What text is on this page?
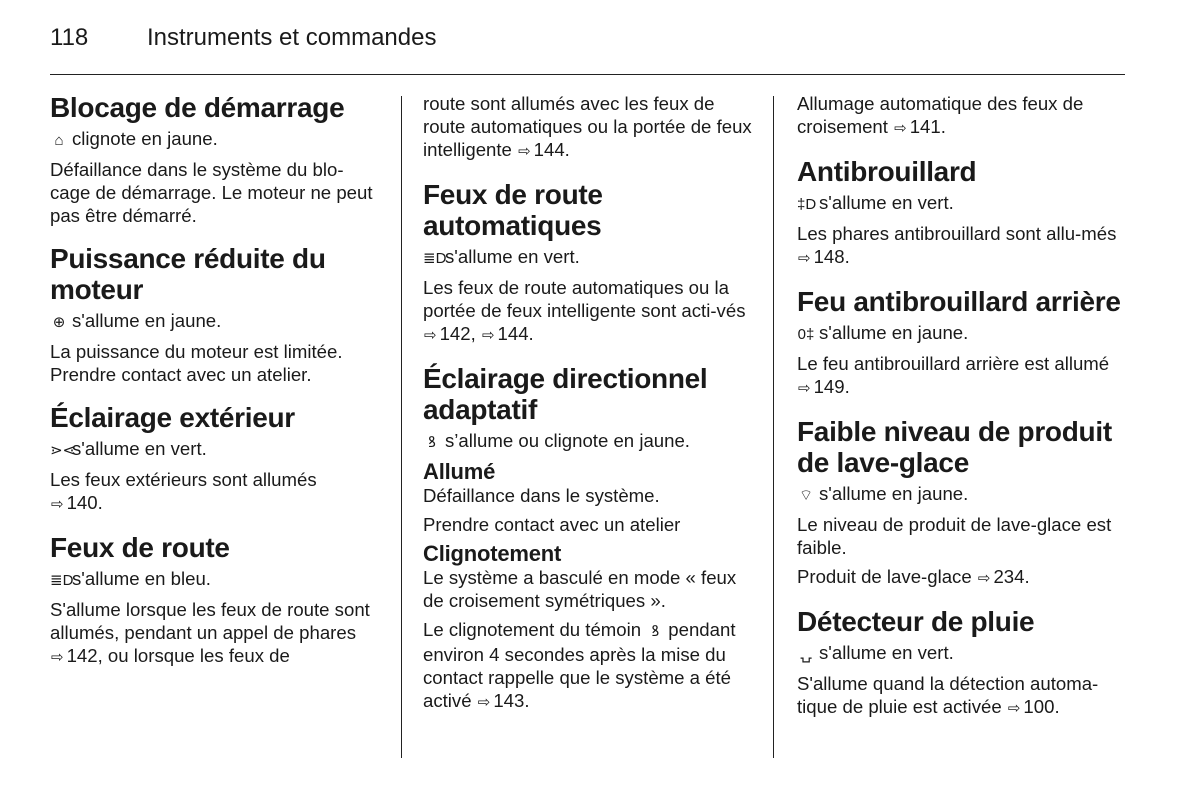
118	Instruments et commandes
Blocage de démarrage

⌂ clignote en jaune.

Défaillance dans le système du blo-cage de démarrage. Le moteur ne peut pas être démarré.

Puissance réduite du moteur

⊕ s'allume en jaune.

La puissance du moteur est limitée. Prendre contact avec un atelier.

Éclairage extérieur

⋗⋖s'allume en vert.

Les feux extérieurs sont allumés
⇨ 140.

Feux de route

≣Ds'allume en bleu.

S'allume lorsque les feux de route sont allumés, pendant un appel de phares ⇨ 142, ou lorsque les feux de

route sont allumés avec les feux de route automatiques ou la portée de feux intelligente ⇨ 144.

Feux de route automatiques

≣Ds'allume en vert.

Les feux de route automatiques ou la portée de feux intelligente sont acti-vés ⇨ 142, ⇨ 144.

Éclairage directionnel adaptatif

ꝸ s’allume ou clignote en jaune.

Allumé

Défaillance dans le système.

Prendre contact avec un atelier

Clignotement

Le système a basculé en mode « feux de croisement symétriques ».

Le clignotement du témoin ꝸ pendant environ 4 secondes après la mise du contact rappelle que le système a été activé ⇨ 143.

Allumage automatique des feux de croisement ⇨ 141.

Antibrouillard

‡D s'allume en vert.

Les phares antibrouillard sont allu-més ⇨ 148.

Feu antibrouillard arrière

0‡ s'allume en jaune.

Le feu antibrouillard arrière est allumé
⇨ 149.

Faible niveau de produit de lave-glace

⌔ s'allume en jaune.

Le niveau de produit de lave-glace est faible.

Produit de lave-glace ⇨ 234.

Détecteur de pluie

⍽ s'allume en vert.

S'allume quand la détection automa-tique de pluie est activée ⇨ 100.
